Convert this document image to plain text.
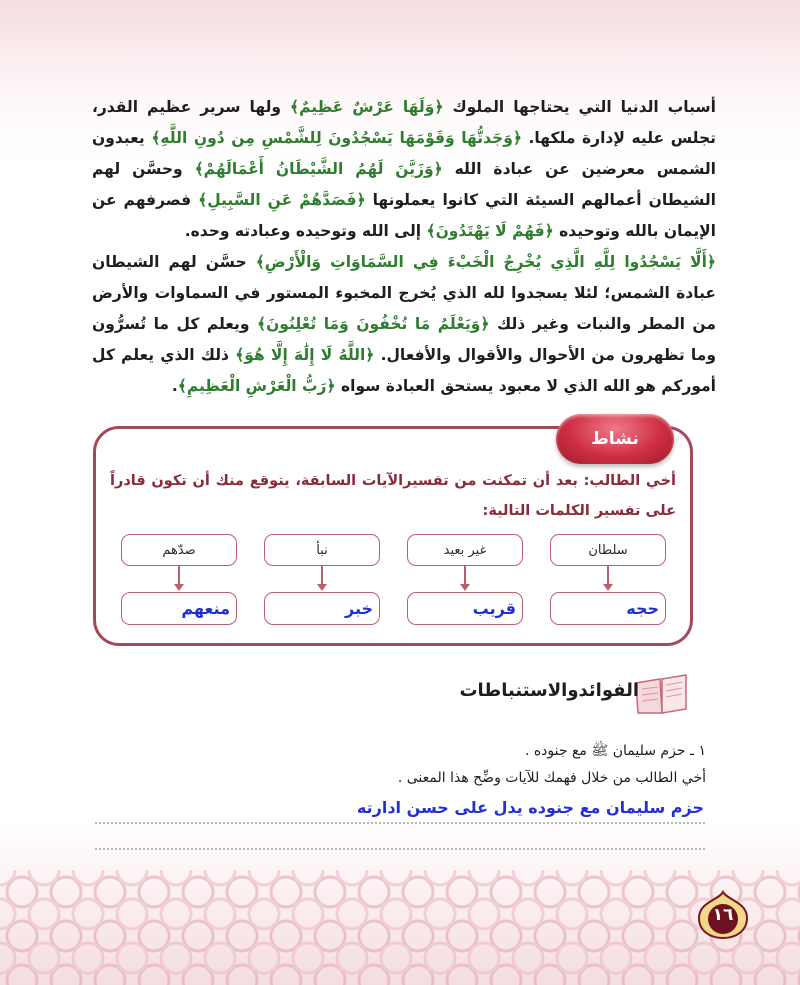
أسباب الدنيا التي يحتاجها الملوك ﴿وَلَهَا عَرْشٌ عَظِيمٌ﴾ ولها سرير عظيم القدر، تجلس عليه لإدارة ملكها. ﴿وَجَدتُّهَا وَقَوْمَهَا يَسْجُدُونَ لِلشَّمْسِ مِن دُونِ اللَّهِ﴾ يعبدون الشمس معرضين عن عبادة الله ﴿وَزَيَّنَ لَهُمُ الشَّيْطَانُ أَعْمَالَهُمْ﴾ وحسَّن لهم الشيطان أعمالهم السيئة التي كانوا يعملونها ﴿فَصَدَّهُمْ عَنِ السَّبِيلِ﴾ فصرفهم عن الإيمان بالله وتوحيده ﴿فَهُمْ لَا يَهْتَدُونَ﴾ إلى الله وتوحيده وعبادته وحده.
﴿أَلَّا يَسْجُدُوا لِلَّهِ الَّذِي يُخْرِجُ الْخَبْءَ فِي السَّمَاوَاتِ وَالْأَرْضِ﴾ حسَّن لهم الشيطان عبادة الشمس؛ لئلا يسجدوا لله الذي يُخرج المخبوء المستور في السماوات والأرض من المطر والنبات وغير ذلك ﴿وَيَعْلَمُ مَا تُخْفُونَ وَمَا تُعْلِنُونَ﴾ ويعلم كل ما تُسرُّون وما تظهرون من الأحوال والأقوال والأفعال. ﴿اللَّهُ لَا إِلَٰهَ إِلَّا هُوَ﴾ ذلك الذي يعلم كل أموركم هو الله الذي لا معبود يستحق العبادة سواه ﴿رَبُّ الْعَرْشِ الْعَظِيمِ﴾.
نشاط
أخي الطالب: بعد أن تمكنت من تفسيرالآيات السابقة، يتوقع منك أن تكون قادراً على تفسير الكلمات التالية:
سلطان
حجه
غير بعيد
قريب
نبأ
خبر
صدّهم
منعهم
الفوائدوالاستنباطات
١ ـ حزم سليمان ﷺ مع جنوده .
أخي الطالب من خلال فهمك للآيات وضِّح هذا المعنى .
حزم سليمان مع جنوده يدل على حسن ادارته
١٦
